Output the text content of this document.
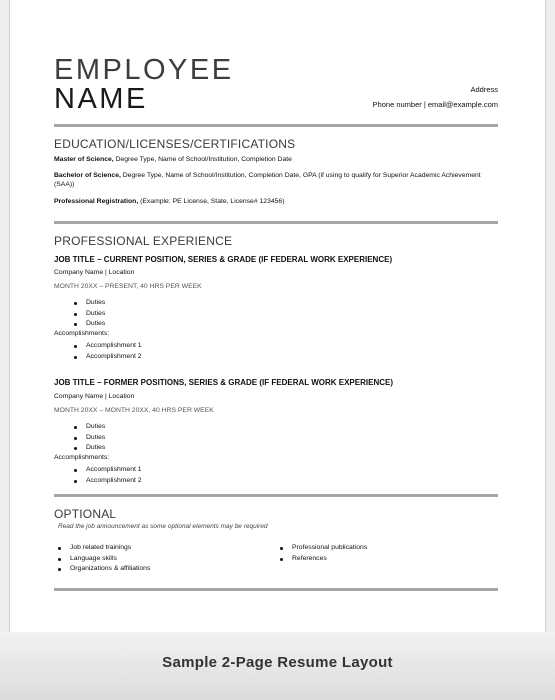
EMPLOYEE
NAME	Address
Phone number | email@example.com
EDUCATION/LICENSES/CERTIFICATIONS
Master of Science, Degree Type, Name of School/Institution, Completion Date
Bachelor of Science, Degree Type, Name of School/Institution, Completion Date, GPA (if using to qualify for Superior Academic Achievement (SAA))
Professional Registration, (Example: PE License, State, License# 123456)
PROFESSIONAL EXPERIENCE
JOB TITLE – CURRENT POSITION, SERIES & GRADE (IF FEDERAL WORK EXPERIENCE)
Company Name | Location
MONTH 20XX – PRESENT, 40 HRS PER WEEK
Duties
Duties
Duties
Accomplishments:
Accomplishment 1
Accomplishment 2
JOB TITLE – FORMER POSITIONS, SERIES & GRADE (IF FEDERAL WORK EXPERIENCE)
Company Name | Location
MONTH 20XX – MONTH 20XX, 40 HRS PER WEEK
Duties
Duties
Duties
Accomplishments:
Accomplishment 1
Accomplishment 2
OPTIONAL
Read the job announcement as some optional elements may be required
Job related trainings
Language skills
Organizations & affiliations
Professional publications
References
Sample 2-Page Resume Layout
